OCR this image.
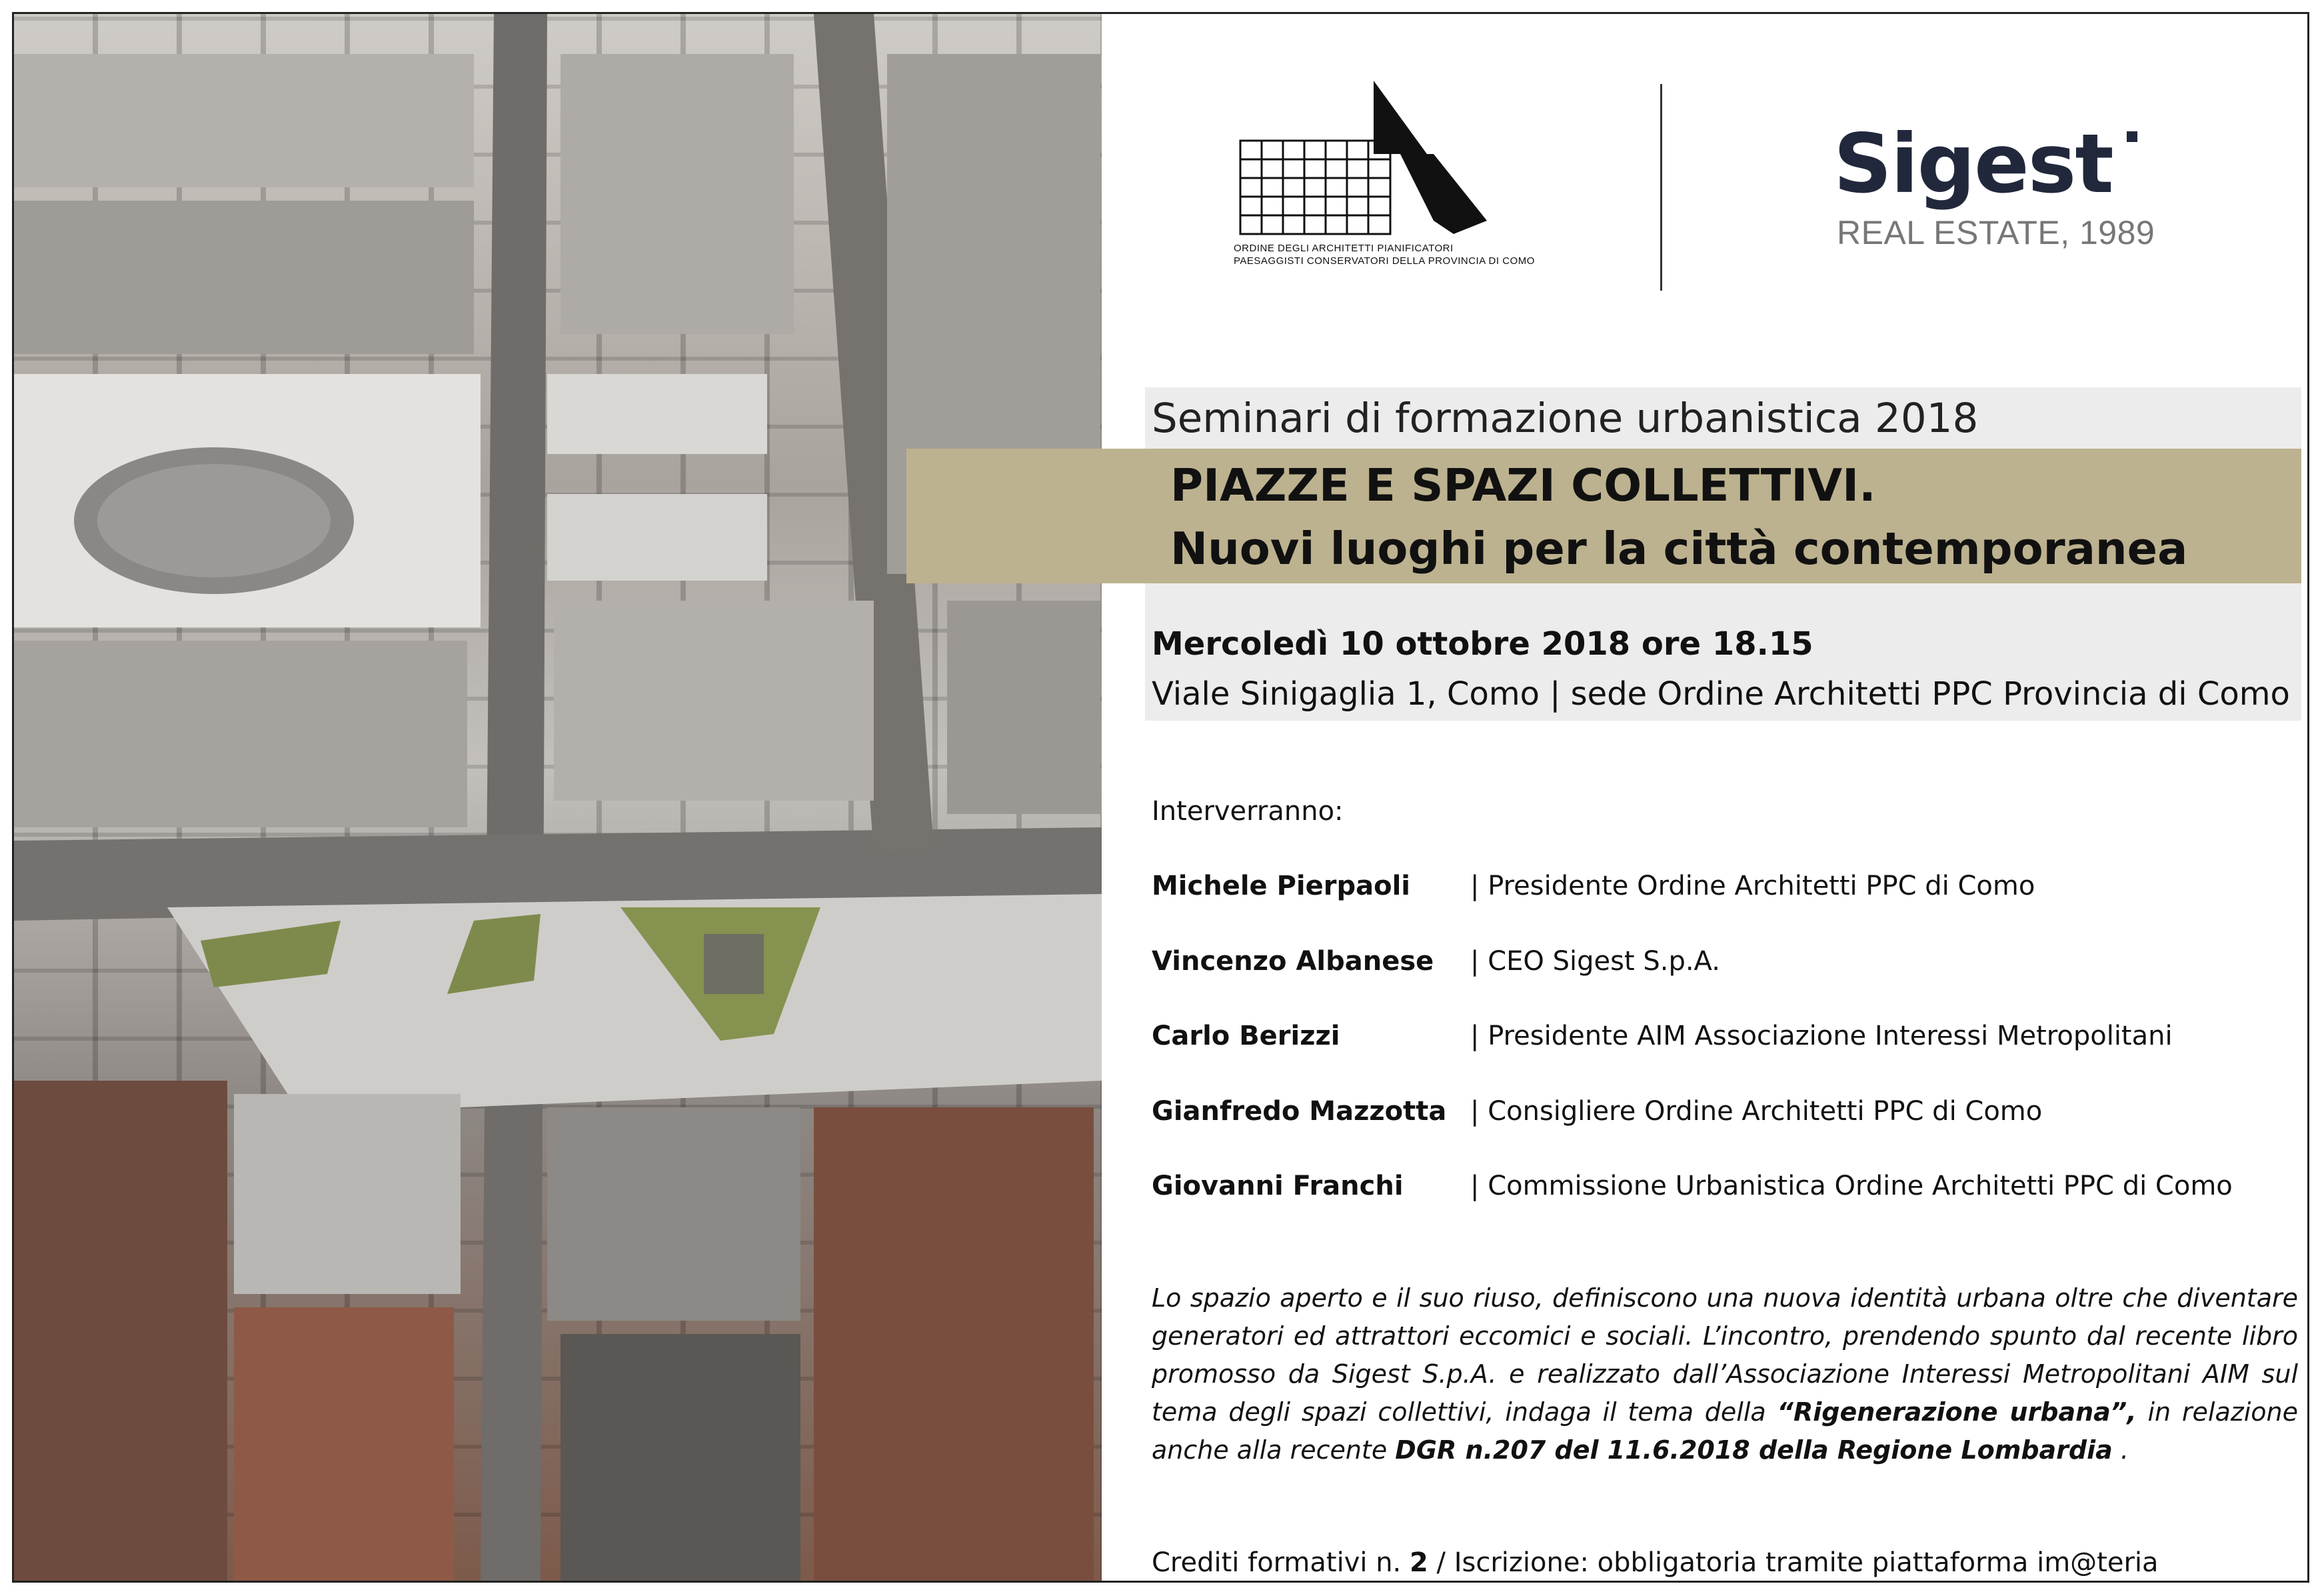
ORDINE DEGLI ARCHITETTI PIANIFICATORI
PAESAGGISTI CONSERVATORI DELLA PROVINCIA DI COMO
Sigest
REAL ESTATE, 1989
Seminari di formazione urbanistica 2018
PIAZZE E SPAZI COLLETTIVI.
Nuovi luoghi per la città contemporanea
Mercoledì 10 ottobre 2018 ore 18.15
Viale Sinigaglia 1, Como | sede Ordine Architetti PPC Provincia di Como
Interverranno:
Michele Pierpaoli | Presidente Ordine Architetti PPC di Como
Vincenzo Albanese | CEO Sigest S.p.A.
Carlo Berizzi	| Presidente AIM Associazione Interessi Metropolitani
Gianfredo Mazzotta | Consigliere Ordine Architetti PPC di Como
Giovanni Franchi	| Commissione Urbanistica Ordine Architetti PPC di Como
Lo spazio aperto e il suo riuso, definiscono una nuova identità urbana oltre che diventare generatori ed attrattori eccomici e sociali. L’incontro, prendendo spunto dal recente libro promosso da Sigest S.p.A. e realizzato dall’Associazione Interessi Metropolitani AIM sul tema degli spazi collettivi, indaga il tema della “Rigenerazione urbana”, in relazione anche alla recente DGR n.207 del 11.6.2018 della Regione Lombardia .
Crediti formativi n. 2 / Iscrizione: obbligatoria tramite piattaforma im@teria
